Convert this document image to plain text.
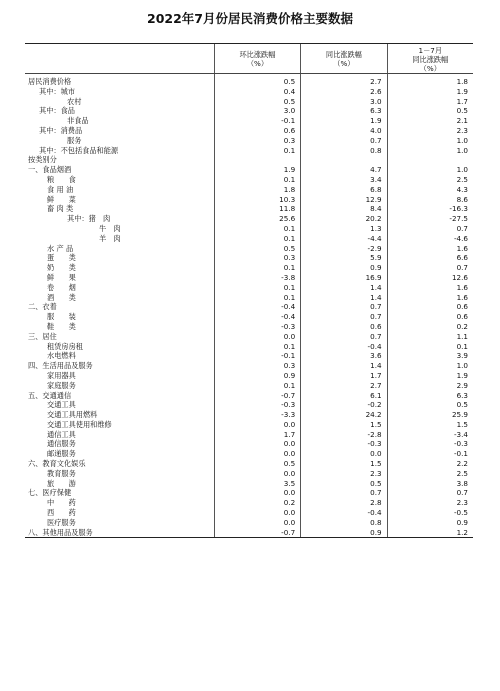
2022年7月份居民消费价格主要数据
环比涨跌幅
（%）
同比涨跌幅
（%）
1－7月
同比涨跌幅
（%）
居民消费价格
其中：城市
农村
其中：食品
非食品
其中：消费品
服务
其中：不包括食品和能源
按类别分
一、食品烟酒
粮　　食
食 用 油
鲜　　菜
畜 肉 类
其中：猪　肉
牛　肉
羊　肉
水 产 品
蛋　　类
奶　　类
鲜　　果
卷　　烟
酒　　类
二、衣着
服　　装
鞋　　类
三、居住
租赁房房租
水电燃料
四、生活用品及服务
家用器具
家庭服务
五、交通通信
交通工具
交通工具用燃料
交通工具使用和维修
通信工具
通信服务
邮递服务
六、教育文化娱乐
教育服务
旅　　游
七、医疗保健
中　　药
西　　药
医疗服务
八、其他用品及服务
0.5
0.4
0.5
3.0
-0.1
0.6
0.3
0.1
1.9
0.1
1.8
10.3
11.8
25.6
0.1
0.1
0.5
0.3
0.1
-3.8
0.1
0.1
-0.4
-0.4
-0.3
0.0
0.1
-0.1
0.3
0.9
0.1
-0.7
-0.3
-3.3
0.0
1.7
0.0
0.0
0.5
0.0
3.5
0.0
0.2
0.0
0.0
-0.7
2.7
2.6
3.0
6.3
1.9
4.0
0.7
0.8
4.7
3.4
6.8
12.9
8.4
20.2
1.3
-4.4
-2.9
5.9
0.9
16.9
1.4
1.4
0.7
0.7
0.6
0.7
-0.4
3.6
1.4
1.7
2.7
6.1
-0.2
24.2
1.5
-2.8
-0.3
0.0
1.5
2.3
0.5
0.7
2.8
-0.4
0.8
0.9
1.8
1.9
1.7
0.5
2.1
2.3
1.0
1.0
1.0
2.5
4.3
8.6
-16.3
-27.5
0.7
-4.6
1.6
6.6
0.7
12.6
1.6
1.6
0.6
0.6
0.2
1.1
0.1
3.9
1.0
1.9
2.9
6.3
0.5
25.9
1.5
-3.4
-0.3
-0.1
2.2
2.5
3.8
0.7
2.3
-0.5
0.9
1.2
